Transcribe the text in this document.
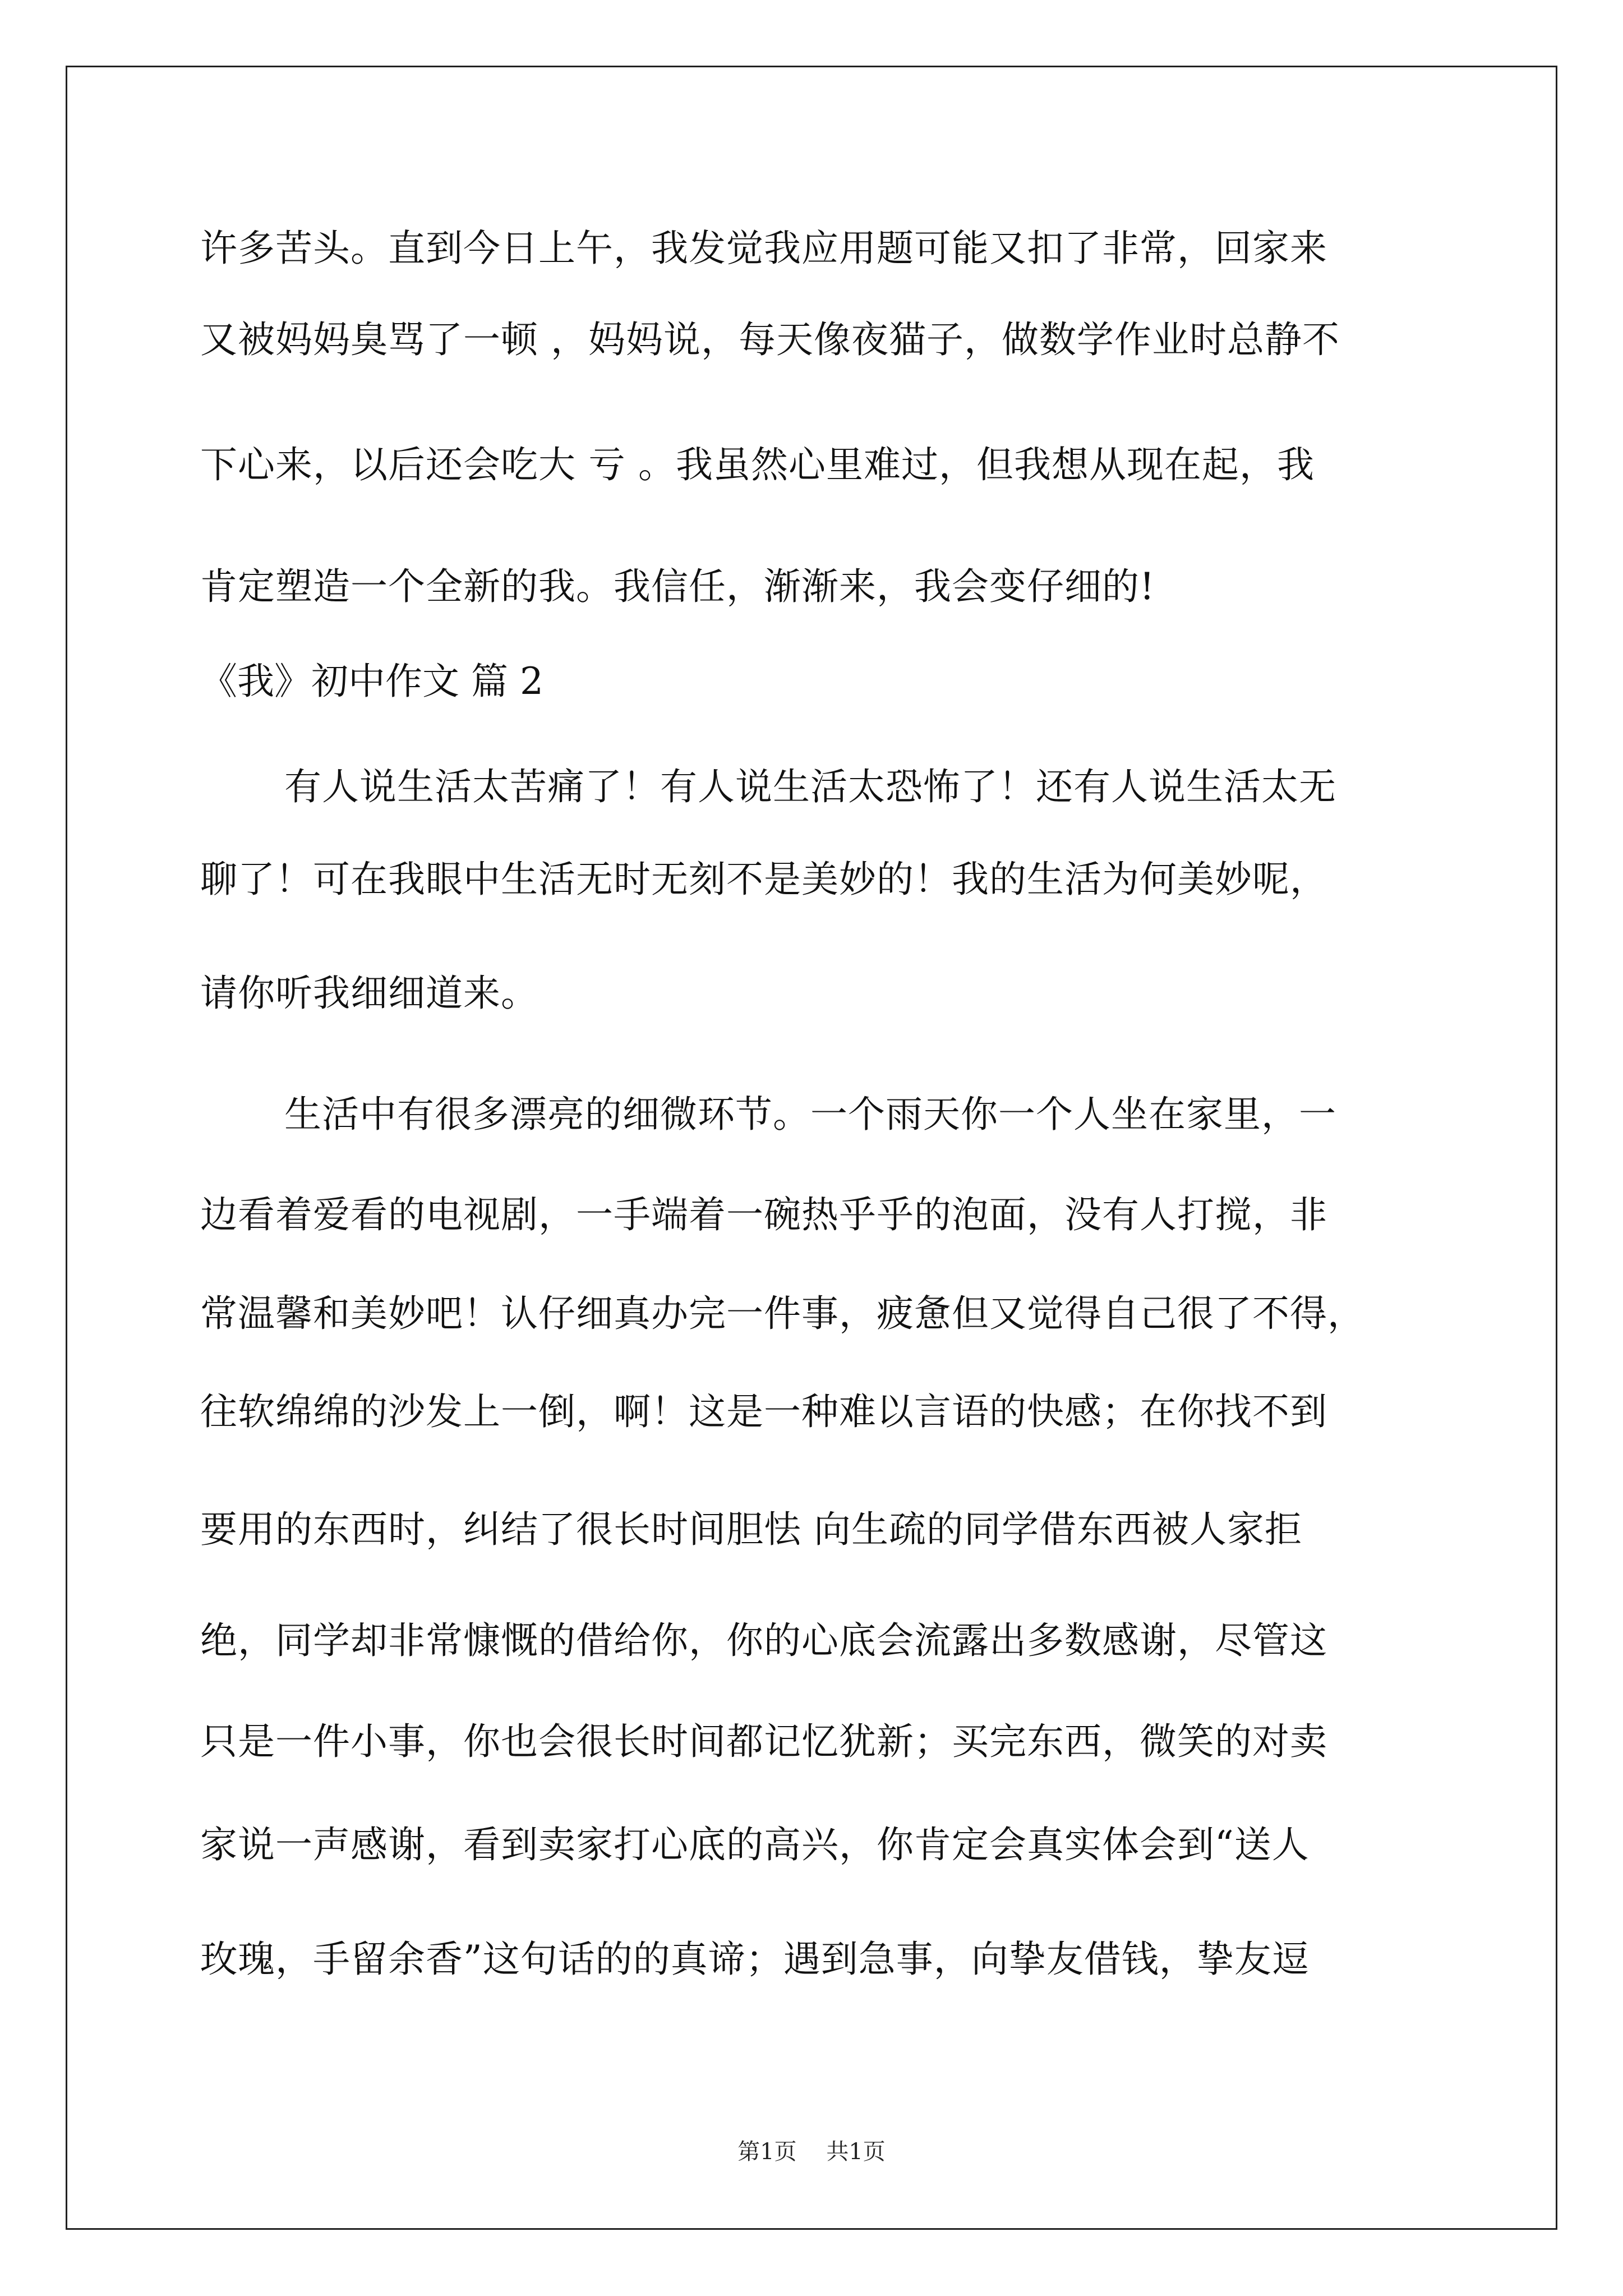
许多苦头。直到今日上午，我发觉我应用题可能又扣了非常，回家来
又被妈妈臭骂了一顿 ，妈妈说，每天像夜猫子，做数学作业时总静不
下心来，以后还会吃大 亏 。我虽然心里难过，但我想从现在起，我
肯定塑造一个全新的我。我信任，渐渐来，我会变仔细的!
《我》初中作文 篇 2
有人说生活太苦痛了！有人说生活太恐怖了！还有人说生活太无
聊了！可在我眼中生活无时无刻不是美妙的！我的生活为何美妙呢，
请你听我细细道来。
生活中有很多漂亮的细微环节。一个雨天你一个人坐在家里，一
边看着爱看的电视剧，一手端着一碗热乎乎的泡面，没有人打搅，非
常温馨和美妙吧！认仔细真办完一件事，疲惫但又觉得自己很了不得，
往软绵绵的沙发上一倒，啊！这是一种难以言语的快感；在你找不到
要用的东西时，纠结了很长时间胆怯 向生疏的同学借东西被人家拒
绝，同学却非常慷慨的借给你，你的心底会流露出多数感谢，尽管这
只是一件小事，你也会很长时间都记忆犹新；买完东西，微笑的对卖
家说一声感谢，看到卖家打心底的高兴，你肯定会真实体会到“送人
玫瑰，手留余香”这句话的的真谛；遇到急事，向挚友借钱，挚友逗
第1页 共1页
